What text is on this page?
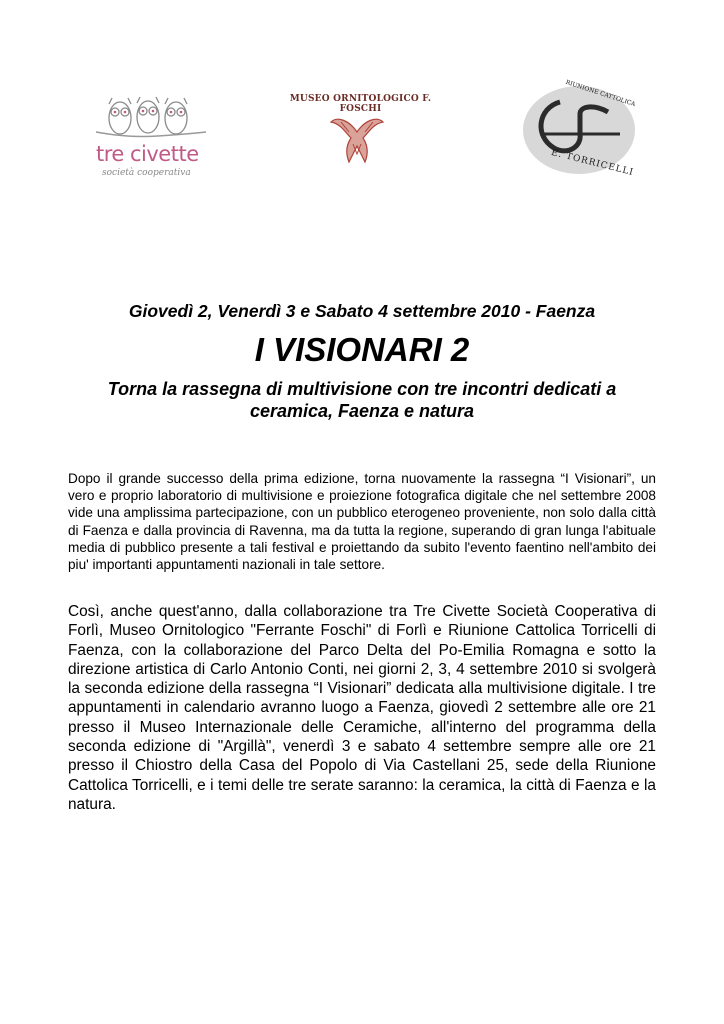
tre civette
società cooperativa
MUSEO ORNITOLOGICO F. FOSCHI
RIUNIONE CATTOLICA
E. TORRICELLI
Giovedì 2, Venerdì 3 e Sabato 4 settembre 2010 - Faenza
I VISIONARI 2
Torna la rassegna di multivisione con tre incontri dedicati a ceramica, Faenza e natura
Dopo il grande successo della prima edizione, torna nuovamente la rassegna “I Visionari”, un vero e proprio laboratorio di multivisione e proiezione fotografica digitale che nel settembre 2008 vide una amplissima partecipazione, con un pubblico eterogeneo proveniente, non solo dalla città di Faenza e dalla provincia di Ravenna, ma da tutta la regione, superando di gran lunga l'abituale media di pubblico presente a tali festival e proiettando da subito l'evento faentino nell'ambito dei piu' importanti appuntamenti nazionali in tale settore.
Così, anche quest'anno, dalla collaborazione tra Tre Civette Società Cooperativa di Forlì, Museo Ornitologico "Ferrante Foschi" di Forlì e Riunione Cattolica Torricelli di Faenza, con la collaborazione del Parco Delta del Po-Emilia Romagna e sotto la direzione artistica di Carlo Antonio Conti, nei giorni 2, 3, 4 settembre 2010 si svolgerà la seconda edizione della rassegna “I Visionari” dedicata alla multivisione digitale. I tre appuntamenti in calendario avranno luogo a Faenza, giovedì 2 settembre alle ore 21 presso il Museo Internazionale delle Ceramiche, all'interno del programma della seconda edizione di "Argillà", venerdì 3 e sabato 4 settembre sempre alle ore 21 presso il Chiostro della Casa del Popolo di Via Castellani 25, sede della Riunione Cattolica Torricelli, e i temi delle tre serate saranno: la ceramica, la città di Faenza e la natura.
